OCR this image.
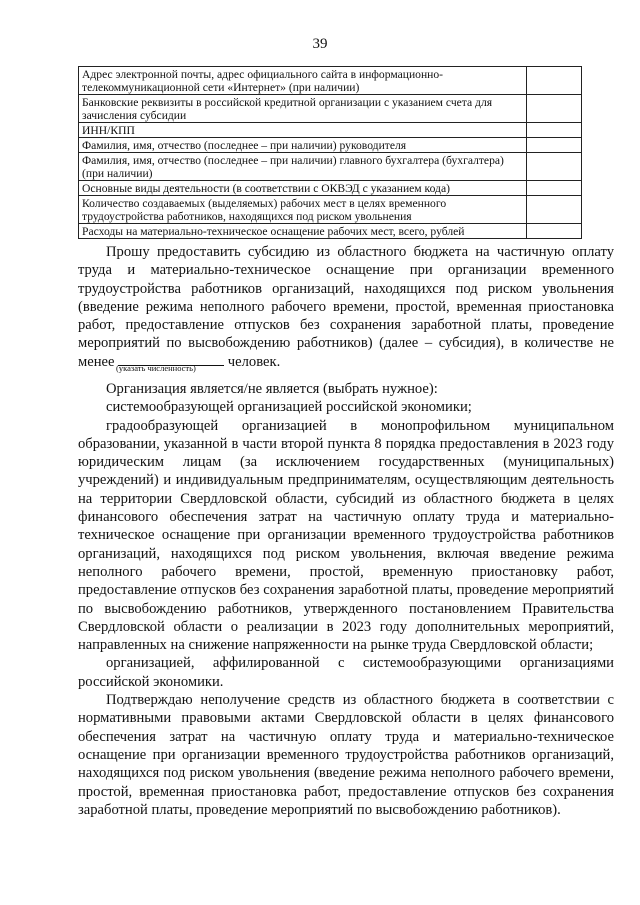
39
Адрес электронной почты, адрес официального сайта в информационно-телекоммуникационной сети «Интернет» (при наличии)	
Банковские реквизиты в российской кредитной организации с указанием счета для зачисления субсидии	
ИНН/КПП	
Фамилия, имя, отчество (последнее – при наличии) руководителя	
Фамилия, имя, отчество (последнее – при наличии) главного бухгалтера (бухгалтера) (при наличии)	
Основные виды деятельности (в соответствии с ОКВЭД с указанием кода)	
Количество создаваемых (выделяемых) рабочих мест в целях временного трудоустройства работников, находящихся под риском увольнения	
Расходы на материально-техническое оснащение рабочих мест, всего, рублей	

Прошу предоставить субсидию из областного бюджета на частичную оплату труда и материально-техническое оснащение при организации временного трудоустройства работников организаций, находящихся под риском увольнения (введение режима неполного рабочего времени, простой, временная приостановка работ, предоставление отпусков без сохранения заработной платы, проведение мероприятий по высвобождению работников) (далее – субсидия), в количестве не

менее	человек.

(указать численность)

Организация является/не является (выбрать нужное):

системообразующей организацией российской экономики;

градообразующей организацией в монопрофильном муниципальном образовании, указанной в части второй пункта 8 порядка предоставления в 2023 году юридическим лицам (за исключением государственных (муниципальных) учреждений) и индивидуальным предпринимателям, осуществляющим деятельность на территории Свердловской области, субсидий из областного бюджета в целях финансового обеспечения затрат на частичную оплату труда и материально-техническое оснащение при организации временного трудоустройства работников организаций, находящихся под риском увольнения, включая введение режима неполного рабочего времени, простой, временную приостановку работ, предоставление отпусков без сохранения заработной платы, проведение мероприятий по высвобождению работников, утвержденного постановлением Правительства Свердловской области о реализации в 2023 году дополнительных мероприятий, направленных на снижение напряженности на рынке труда Свердловской области;

организацией, аффилированной с системообразующими организациями российской экономики.

Подтверждаю неполучение средств из областного бюджета в соответствии с нормативными правовыми актами Свердловской области в целях финансового обеспечения затрат на частичную оплату труда и материально-техническое оснащение при организации временного трудоустройства работников организаций, находящихся под риском увольнения (введение режима неполного рабочего времени, простой, временная приостановка работ, предоставление отпусков без сохранения заработной платы, проведение мероприятий по высвобождению работников).
